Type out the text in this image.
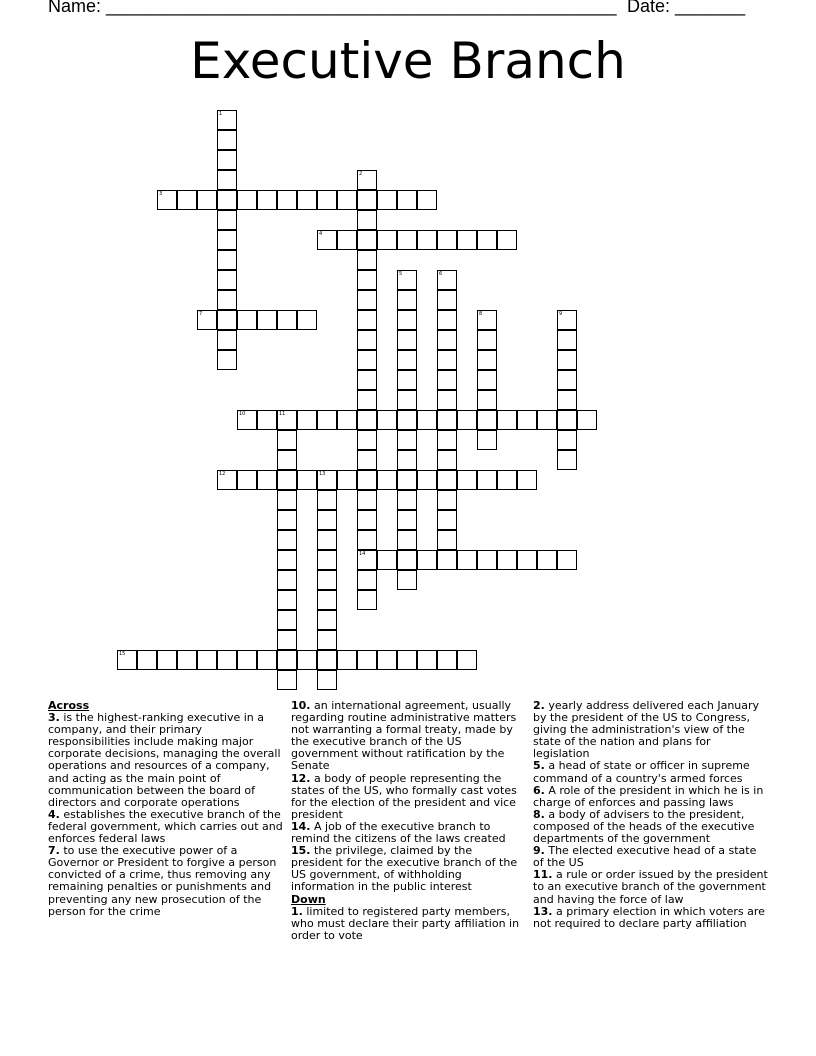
Name: ___________________________________________________ Date: _______
Executive Branch
1
2
14
3
4
5	6
7	8	9
10	11
12	13
15
Across
3. is the highest-ranking executive in a company, and their primary responsibilities include making major corporate decisions, managing the overall operations and resources of a company, and acting as the main point of communication between the board of directors and corporate operations
4. establishes the executive branch of the federal government, which carries out and enforces federal laws
7. to use the executive power of a Governor or President to forgive a person convicted of a crime, thus removing any remaining penalties or punishments and preventing any new prosecution of the person for the crime
10. an international agreement, usually regarding routine administrative matters not warranting a formal treaty, made by the executive branch of the US government without ratification by the Senate
12. a body of people representing the states of the US, who formally cast votes for the election of the president and vice president
14. A job of the executive branch to remind the citizens of the laws created
15. the privilege, claimed by the president for the executive branch of the US government, of withholding information in the public interest
Down
1. limited to registered party members, who must declare their party affiliation in order to vote
2. yearly address delivered each January by the president of the US to Congress, giving the administration's view of the state of the nation and plans for legislation
5. a head of state or officer in supreme command of a country's armed forces
6. A role of the president in which he is in charge of enforces and passing laws
8. a body of advisers to the president, composed of the heads of the executive departments of the government
9. The elected executive head of a state of the US
11. a rule or order issued by the president to an executive branch of the government and having the force of law
13. a primary election in which voters are not required to declare party affiliation
